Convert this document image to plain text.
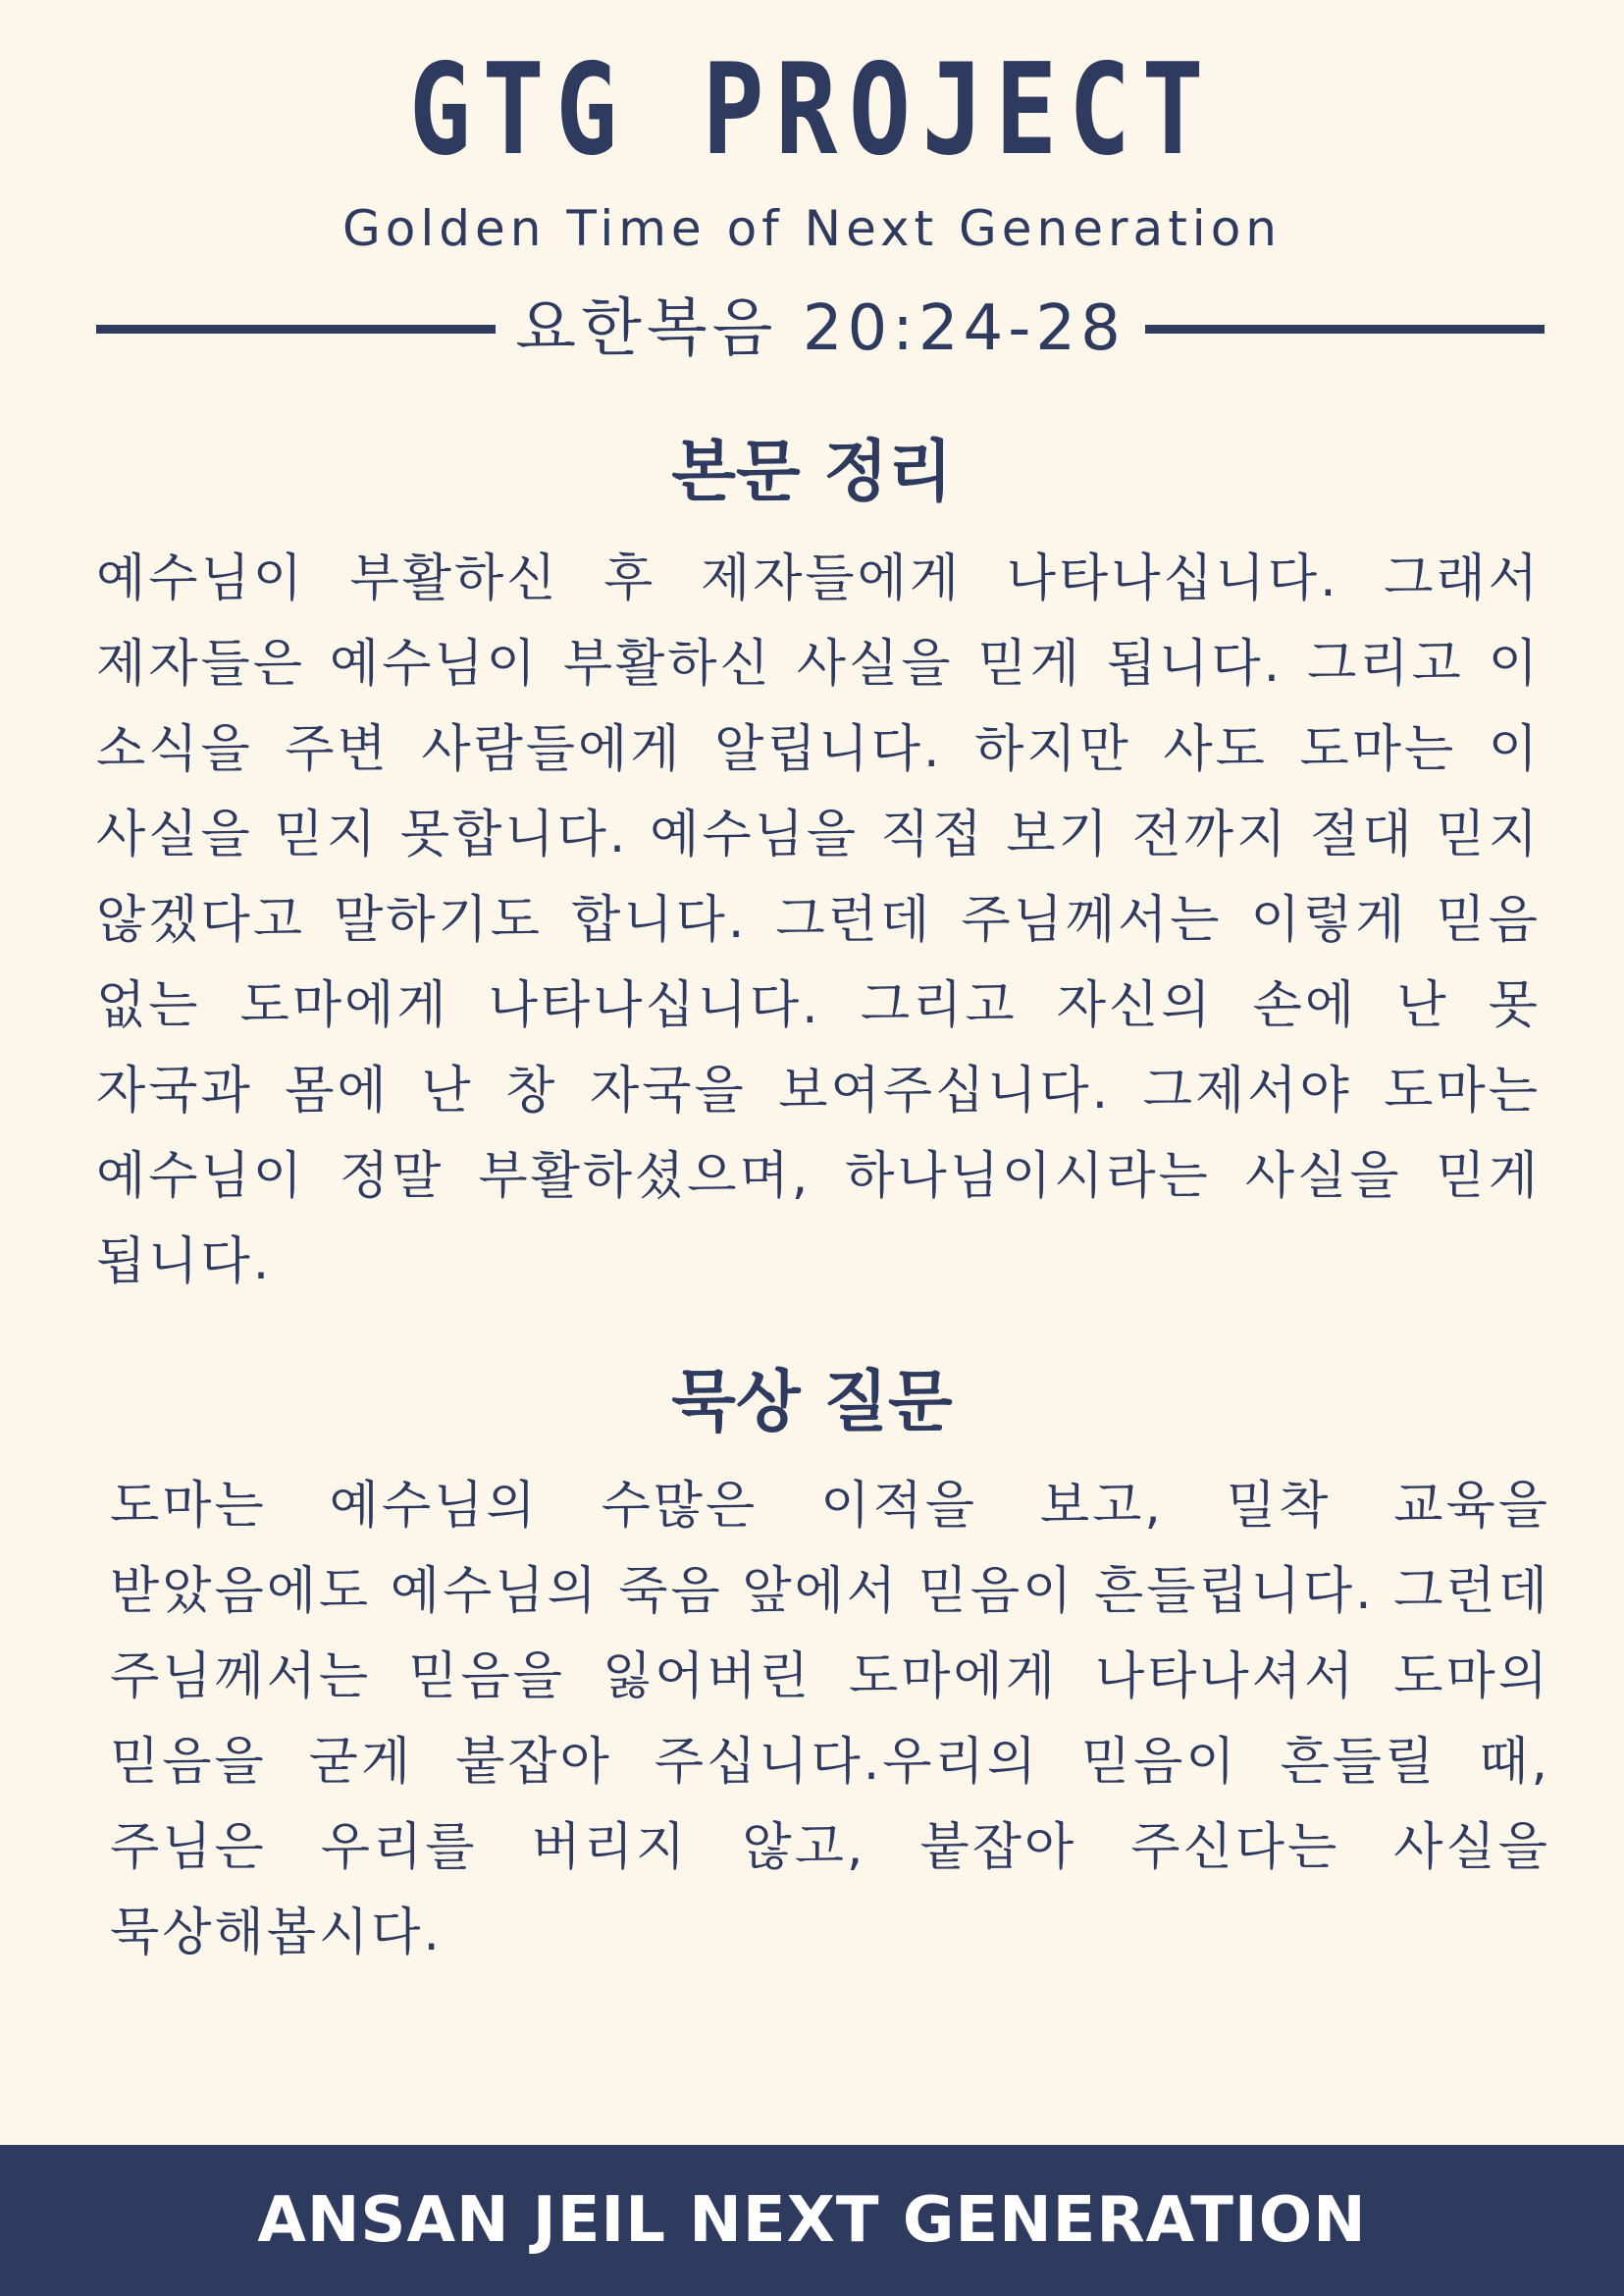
GTG PROJECT
Golden Time of Next Generation
요한복음 20:24-28
본문 정리
예수님이 부활하신 후 제자들에게 나타나십니다. 그래서 제자들은 예수님이 부활하신 사실을 믿게 됩니다. 그리고 이 소식을 주변 사람들에게 알립니다. 하지만 사도 도마는 이 사실을 믿지 못합니다. 예수님을 직접 보기 전까지 절대 믿지 않겠다고 말하기도 합니다. 그런데 주님께서는 이렇게 믿음 없는 도마에게 나타나십니다. 그리고 자신의 손에 난 못 자국과 몸에 난 창 자국을 보여주십니다. 그제서야 도마는 예수님이 정말 부활하셨으며, 하나님이시라는 사실을 믿게 됩니다.
묵상 질문
도마는 예수님의 수많은 이적을 보고, 밀착 교육을 받았음에도 예수님의 죽음 앞에서 믿음이 흔들립니다. 그런데 주님께서는 믿음을 잃어버린 도마에게 나타나셔서 도마의 믿음을 굳게 붙잡아 주십니다.우리의 믿음이 흔들릴 때, 주님은 우리를 버리지 않고, 붙잡아 주신다는 사실을 묵상해봅시다.
ANSAN JEIL NEXT GENERATION
